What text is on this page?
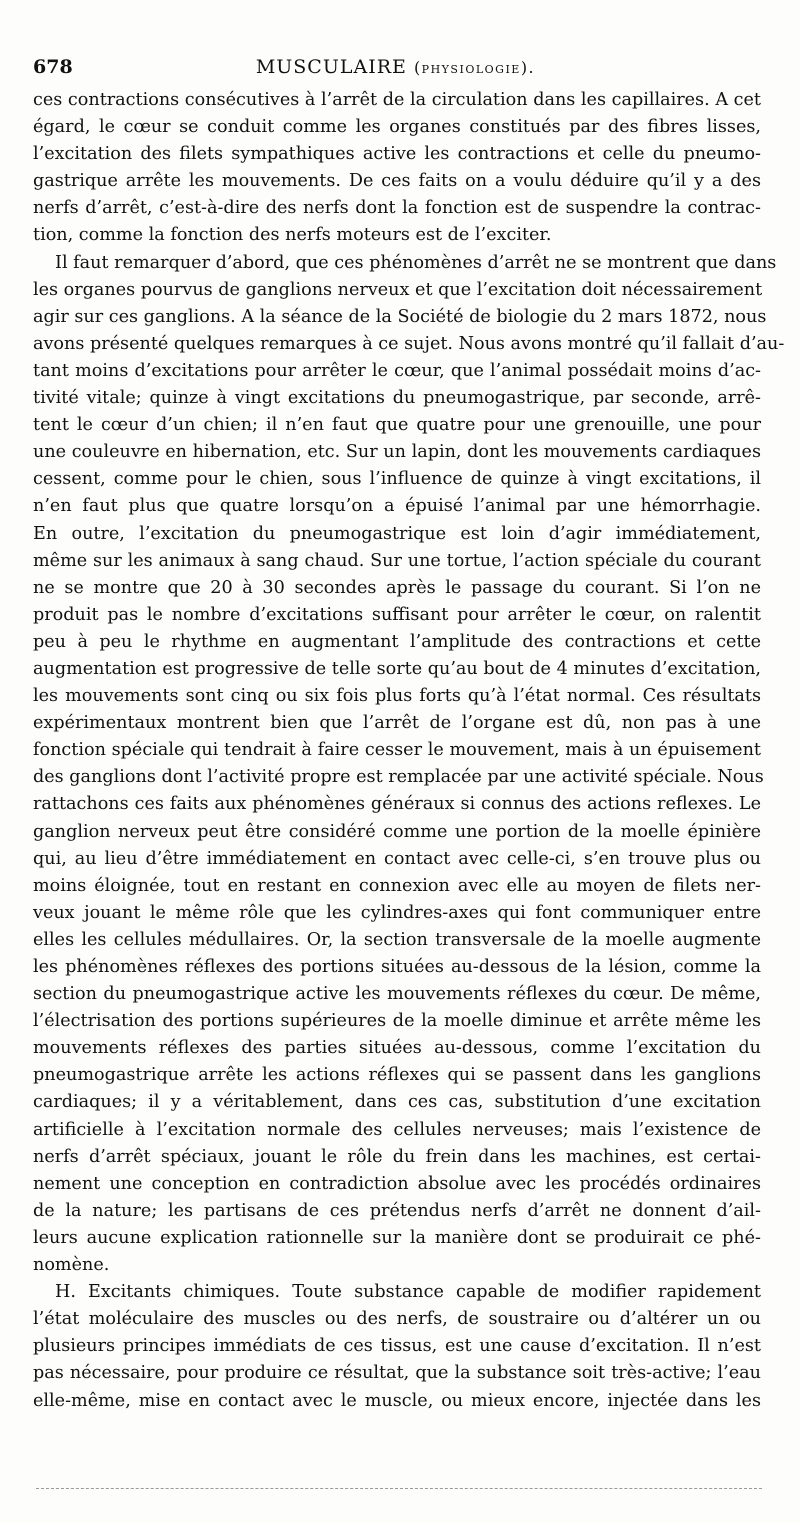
678	MUSCULAIRE (physiologie).
ces contractions consécutives à l’arrêt de la circulation dans les capillaires. A cet
égard, le cœur se conduit comme les organes constitués par des fibres lisses,
l’excitation des filets sympathiques active les contractions et celle du pneumo-
gastrique arrête les mouvements. De ces faits on a voulu déduire qu’il y a des
nerfs d’arrêt, c’est-à-dire des nerfs dont la fonction est de suspendre la contrac-
tion, comme la fonction des nerfs moteurs est de l’exciter.
Il faut remarquer d’abord, que ces phénomènes d’arrêt ne se montrent que dans
les organes pourvus de ganglions nerveux et que l’excitation doit nécessairement
agir sur ces ganglions. A la séance de la Société de biologie du 2 mars 1872, nous
avons présenté quelques remarques à ce sujet. Nous avons montré qu’il fallait d’au-
tant moins d’excitations pour arrêter le cœur, que l’animal possédait moins d’ac-
tivité vitale; quinze à vingt excitations du pneumogastrique, par seconde, arrê-
tent le cœur d’un chien; il n’en faut que quatre pour une grenouille, une pour
une couleuvre en hibernation, etc. Sur un lapin, dont les mouvements cardiaques
cessent, comme pour le chien, sous l’influence de quinze à vingt excitations, il
n’en faut plus que quatre lorsqu’on a épuisé l’animal par une hémorrhagie.
En outre, l’excitation du pneumogastrique est loin d’agir immédiatement,
même sur les animaux à sang chaud. Sur une tortue, l’action spéciale du courant
ne se montre que 20 à 30 secondes après le passage du courant. Si l’on ne
produit pas le nombre d’excitations suffisant pour arrêter le cœur, on ralentit
peu à peu le rhythme en augmentant l’amplitude des contractions et cette
augmentation est progressive de telle sorte qu’au bout de 4 minutes d’excitation,
les mouvements sont cinq ou six fois plus forts qu’à l’état normal. Ces résultats
expérimentaux montrent bien que l’arrêt de l’organe est dû, non pas à une
fonction spéciale qui tendrait à faire cesser le mouvement, mais à un épuisement
des ganglions dont l’activité propre est remplacée par une activité spéciale. Nous
rattachons ces faits aux phénomènes généraux si connus des actions reflexes. Le
ganglion nerveux peut être considéré comme une portion de la moelle épinière
qui, au lieu d’être immédiatement en contact avec celle-ci, s’en trouve plus ou
moins éloignée, tout en restant en connexion avec elle au moyen de filets ner-
veux jouant le même rôle que les cylindres-axes qui font communiquer entre
elles les cellules médullaires. Or, la section transversale de la moelle augmente
les phénomènes réflexes des portions situées au-dessous de la lésion, comme la
section du pneumogastrique active les mouvements réflexes du cœur. De même,
l’électrisation des portions supérieures de la moelle diminue et arrête même les
mouvements réflexes des parties situées au-dessous, comme l’excitation du
pneumogastrique arrête les actions réflexes qui se passent dans les ganglions
cardiaques; il y a véritablement, dans ces cas, substitution d’une excitation
artificielle à l’excitation normale des cellules nerveuses; mais l’existence de
nerfs d’arrêt spéciaux, jouant le rôle du frein dans les machines, est certai-
nement une conception en contradiction absolue avec les procédés ordinaires
de la nature; les partisans de ces prétendus nerfs d’arrêt ne donnent d’ail-
leurs aucune explication rationnelle sur la manière dont se produirait ce phé-
nomène.
H. Excitants chimiques. Toute substance capable de modifier rapidement
l’état moléculaire des muscles ou des nerfs, de soustraire ou d’altérer un ou
plusieurs principes immédiats de ces tissus, est une cause d’excitation. Il n’est
pas nécessaire, pour produire ce résultat, que la substance soit très-active; l’eau
elle-même, mise en contact avec le muscle, ou mieux encore, injectée dans les
